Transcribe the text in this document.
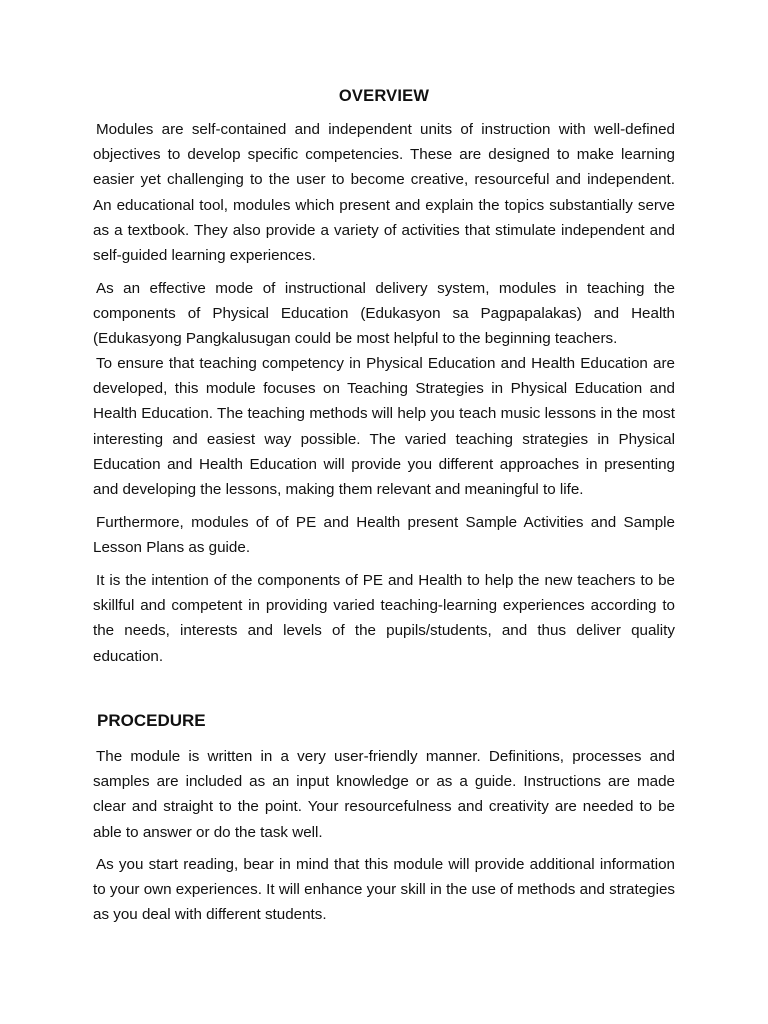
OVERVIEW

Modules are self-contained and independent units of instruction with well-defined objectives to develop specific competencies. These are designed to make learning easier yet challenging to the user to become creative, resourceful and independent. An educational tool, modules which present and explain the topics substantially serve as a textbook. They also provide a variety of activities that stimulate independent and self-guided learning experiences.

As an effective mode of instructional delivery system, modules in teaching the components of Physical Education (Edukasyon sa Pagpapalakas) and Health (Edukasyong Pangkalusugan could be most helpful to the beginning teachers.

To ensure that teaching competency in Physical Education and Health Education are developed, this module focuses on Teaching Strategies in Physical Education and Health Education. The teaching methods will help you teach music lessons in the most interesting and easiest way possible. The varied teaching strategies in Physical Education and Health Education will provide you different approaches in presenting and developing the lessons, making them relevant and meaningful to life.

Furthermore, modules of of PE and Health present Sample Activities and Sample Lesson Plans as guide.

It is the intention of the components of PE and Health to help the new teachers to be skillful and competent in providing varied teaching-learning experiences according to the needs, interests and levels of the pupils/students, and thus deliver quality education.

PROCEDURE

The module is written in a very user-friendly manner. Definitions, processes and samples are included as an input knowledge or as a guide. Instructions are made clear and straight to the point. Your resourcefulness and creativity are needed to be able to answer or do the task well.

As you start reading, bear in mind that this module will provide additional information to your own experiences. It will enhance your skill in the use of methods and strategies as you deal with different students.
